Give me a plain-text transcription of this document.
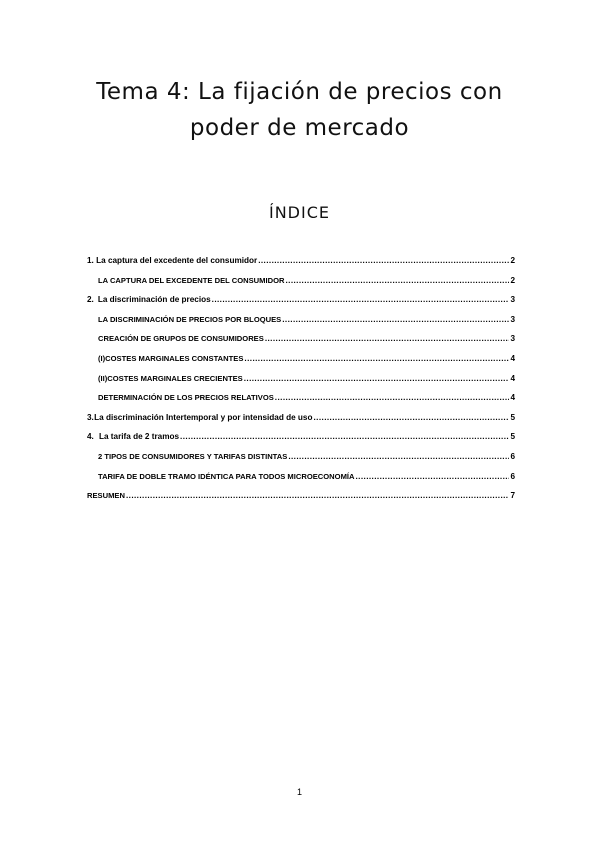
Tema 4: La fijación de precios con
poder de mercado
ÍNDICE
1. La captura del excedente del consumidor .....	2
LA CAPTURA DEL EXCEDENTE DEL CONSUMIDOR .....	2
2. La discriminación de precios .....	3
LA DISCRIMINACIÓN DE PRECIOS POR BLOQUES .....	3
CREACIÓN DE GRUPOS DE CONSUMIDORES .....	3
(I)COSTES MARGINALES CONSTANTES .....	4
(II)COSTES MARGINALES CRECIENTES .....	4
DETERMINACIÓN DE LOS PRECIOS RELATIVOS .....	4
3. La discriminación Intertemporal y por intensidad de uso .....	5
4. La tarifa de 2 tramos .....	5
2 TIPOS DE CONSUMIDORES Y TARIFAS DISTINTAS .....	6
TARIFA DE DOBLE TRAMO IDÉNTICA PARA TODOS MICROECONOMÍA .....	6
RESUMEN .....	7
1
